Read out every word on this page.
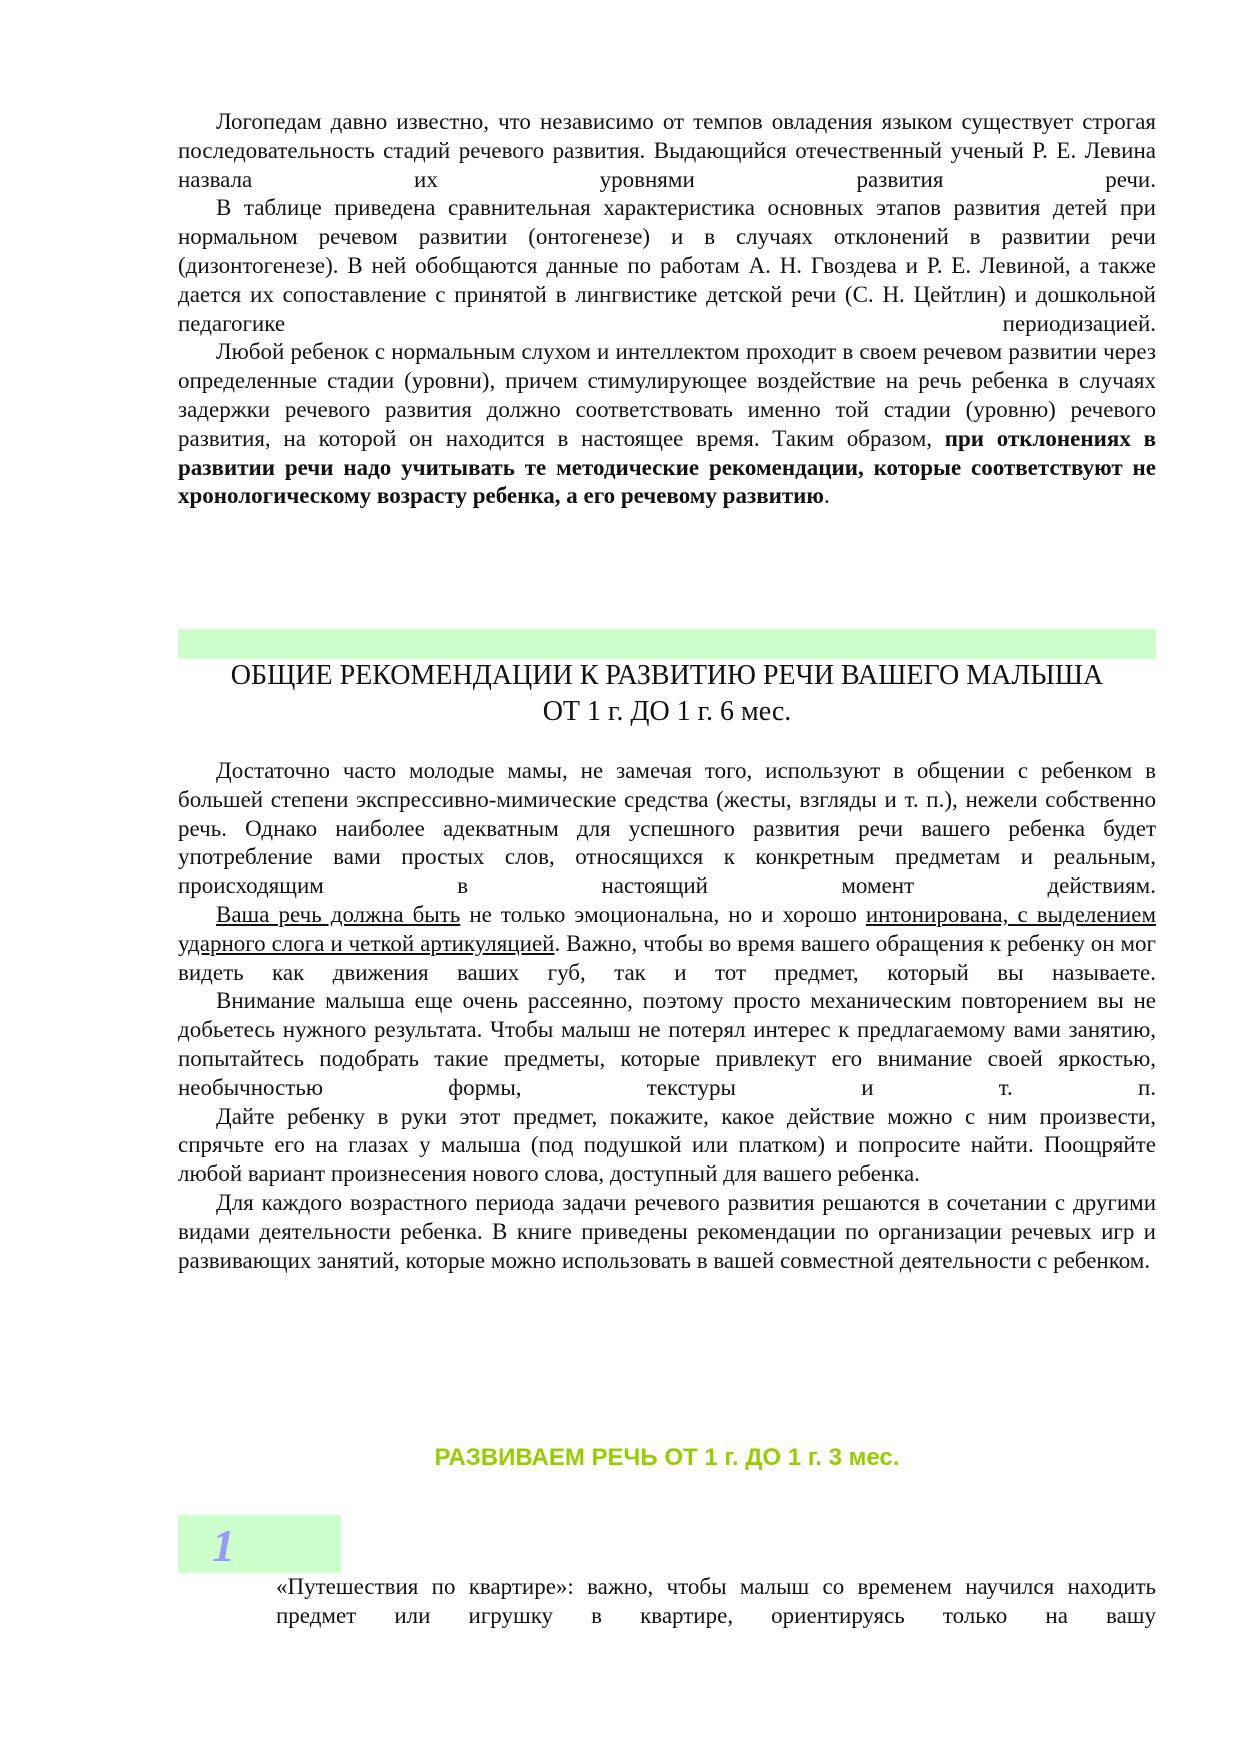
Логопедам давно известно, что независимо от темпов овладения языком существует строгая последовательность стадий речевого развития. Выдающийся отечественный ученый Р. Е. Левина назвала их уровнями развития речи.

В таблице приведена сравнительная характеристика основных этапов развития детей при нормальном речевом развитии (онтогенезе) и в случаях отклонений в развитии речи (дизонтогенезе). В ней обобщаются данные по работам А. Н. Гвоздева и Р. Е. Левиной, а также дается их сопоставление с принятой в лингвистике детской речи (С. Н. Цейтлин) и дошкольной педагогике периодизацией.

Любой ребенок с нормальным слухом и интеллектом проходит в своем речевом развитии через определенные стадии (уровни), причем стимулирующее воздействие на речь ребенка в случаях задержки речевого развития должно соответствовать именно той стадии (уровню) речевого развития, на которой он находится в настоящее время. Таким образом, при отклонениях в развитии речи надо учитывать те методические рекомендации, которые соответствуют не хронологическому возрасту ребенка, а его речевому развитию.

ОБЩИЕ РЕКОМЕНДАЦИИ К РАЗВИТИЮ РЕЧИ ВАШЕГО МАЛЫША
ОТ 1 г. ДО 1 г. 6 мес.

Достаточно часто молодые мамы, не замечая того, используют в общении с ребенком в большей степени экспрессивно-мимические средства (жесты, взгляды и т. п.), нежели собственно речь. Однако наиболее адекватным для успешного развития речи вашего ребенка будет употребление вами простых слов, относящихся к конкретным предметам и реальным, происходящим в настоящий момент действиям.

Ваша речь должна быть не только эмоциональна, но и хорошо интонирована, с выделением ударного слога и четкой артикуляцией. Важно, чтобы во время вашего обращения к ребенку он мог видеть как движения ваших губ, так и тот предмет, который вы называете.

Внимание малыша еще очень рассеянно, поэтому просто механическим повторением вы не добьетесь нужного результата. Чтобы малыш не потерял интерес к предлагаемому вами занятию, попытайтесь подобрать такие предметы, которые привлекут его внимание своей яркостью, необычностью формы, текстуры и т. п.

Дайте ребенку в руки этот предмет, покажите, какое действие можно с ним произвести, спрячьте его на глазах у малыша (под подушкой или платком) и попросите найти. Поощряйте любой вариант произнесения нового слова, доступный для вашего ребенка.

Для каждого возрастного периода задачи речевого развития решаются в сочетании с другими видами деятельности ребенка. В книге приведены рекомендации по организации речевых игр и развивающих занятий, которые можно использовать в вашей совместной деятельности с ребенком.

РАЗВИВАЕМ РЕЧЬ ОТ 1 г. ДО 1 г. 3 мес.
1

«Путешествия по квартире»: важно, чтобы малыш со временем научился находить предмет или игрушку в квартире, ориентируясь только на вашу
